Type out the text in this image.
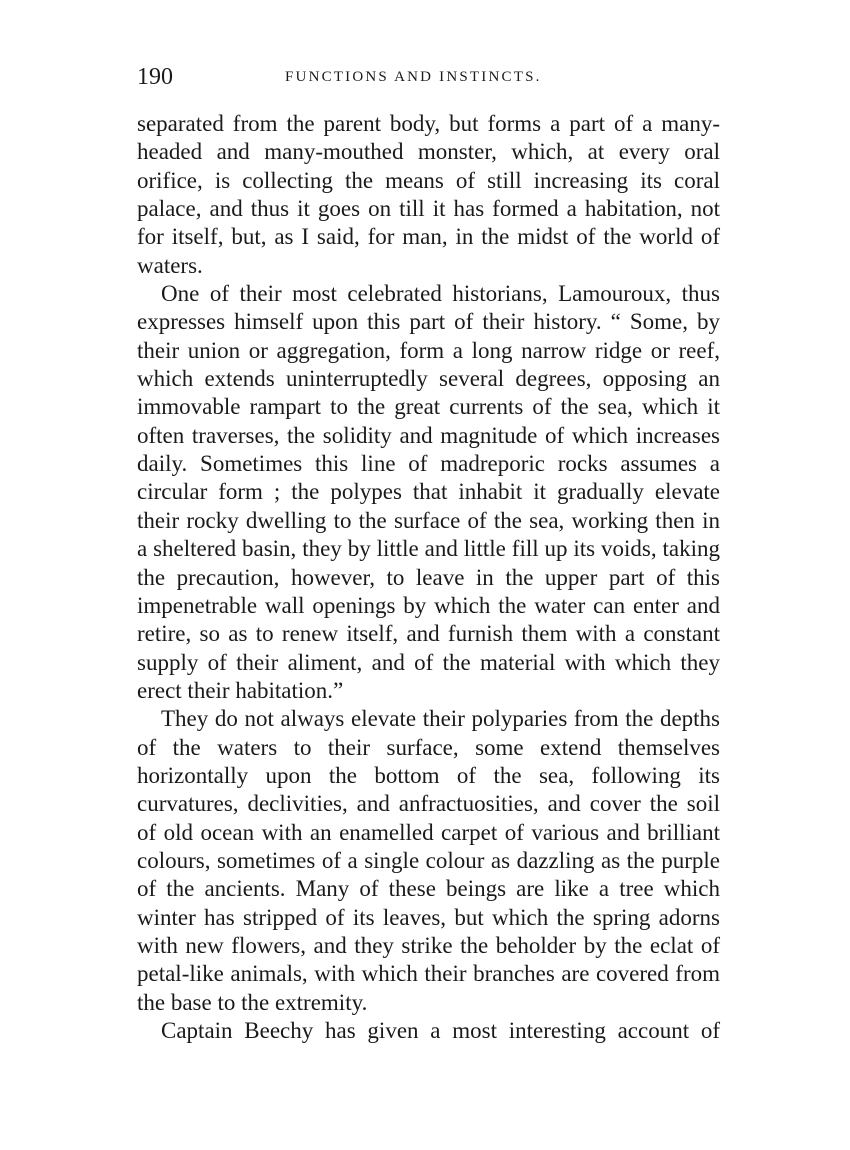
190	FUNCTIONS AND INSTINCTS.

separated from the parent body, but forms a part of a many-headed and many-mouthed monster, which, at every oral orifice, is collecting the means of still increasing its coral palace, and thus it goes on till it has formed a habitation, not for itself, but, as I said, for man, in the midst of the world of waters.

One of their most celebrated historians, Lamouroux, thus expresses himself upon this part of their history. “ Some, by their union or aggregation, form a long narrow ridge or reef, which extends uninterruptedly several degrees, opposing an immovable rampart to the great currents of the sea, which it often traverses, the solidity and magnitude of which increases daily. Sometimes this line of madreporic rocks assumes a circular form ; the polypes that inhabit it gradually elevate their rocky dwelling to the surface of the sea, working then in a sheltered basin, they by little and little fill up its voids, taking the precaution, however, to leave in the upper part of this impenetrable wall openings by which the water can enter and retire, so as to renew itself, and furnish them with a constant supply of their aliment, and of the material with which they erect their habitation.”

They do not always elevate their polyparies from the depths of the waters to their surface, some extend themselves horizontally upon the bottom of the sea, following its curvatures, declivities, and anfractuosities, and cover the soil of old ocean with an enamelled carpet of various and brilliant colours, sometimes of a single colour as dazzling as the purple of the ancients. Many of these beings are like a tree which winter has stripped of its leaves, but which the spring adorns with new flowers, and they strike the beholder by the eclat of petal-like animals, with which their branches are covered from the base to the extremity.

Captain Beechy has given a most interesting account of
